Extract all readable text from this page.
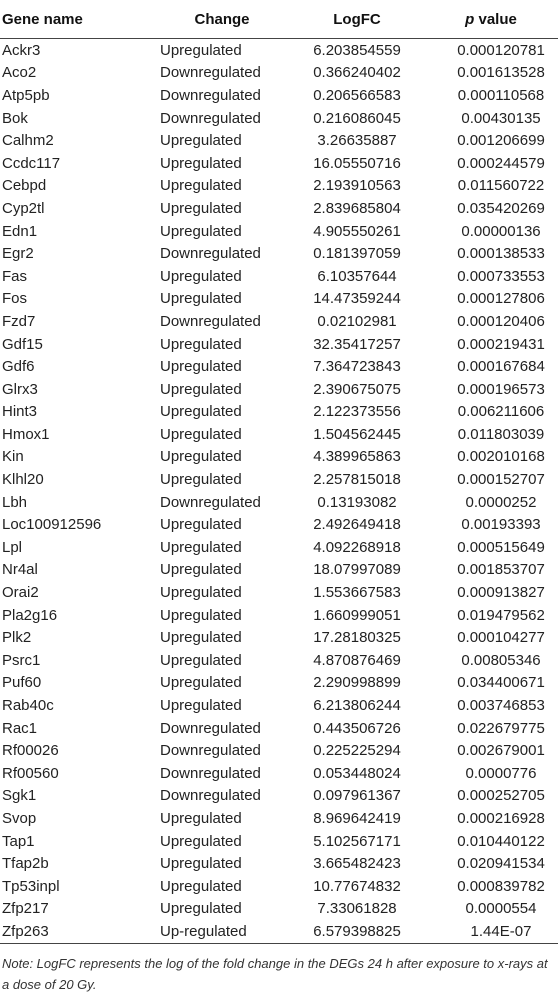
Gene name	Change	LogFC	p value
Ackr3	Upregulated	6.203854559	0.000120781
Aco2	Downregulated	0.366240402	0.001613528
Atp5pb	Downregulated	0.206566583	0.000110568
Bok	Downregulated	0.216086045	0.00430135
Calhm2	Upregulated	3.26635887	0.001206699
Ccdc117	Upregulated	16.05550716	0.000244579
Cebpd	Upregulated	2.193910563	0.011560722
Cyp2tl	Upregulated	2.839685804	0.035420269
Edn1	Upregulated	4.905550261	0.00000136
Egr2	Downregulated	0.181397059	0.000138533
Fas	Upregulated	6.10357644	0.000733553
Fos	Upregulated	14.47359244	0.000127806
Fzd7	Downregulated	0.02102981	0.000120406
Gdf15	Upregulated	32.35417257	0.000219431
Gdf6	Upregulated	7.364723843	0.000167684
Glrx3	Upregulated	2.390675075	0.000196573
Hint3	Upregulated	2.122373556	0.006211606
Hmox1	Upregulated	1.504562445	0.011803039
Kin	Upregulated	4.389965863	0.002010168
Klhl20	Upregulated	2.257815018	0.000152707
Lbh	Downregulated	0.13193082	0.0000252
Loc100912596	Upregulated	2.492649418	0.00193393
Lpl	Upregulated	4.092268918	0.000515649
Nr4al	Upregulated	18.07997089	0.001853707
Orai2	Upregulated	1.553667583	0.000913827
Pla2g16	Upregulated	1.660999051	0.019479562
Plk2	Upregulated	17.28180325	0.000104277
Psrc1	Upregulated	4.870876469	0.00805346
Puf60	Upregulated	2.290998899	0.034400671
Rab40c	Upregulated	6.213806244	0.003746853
Rac1	Downregulated	0.443506726	0.022679775
Rf00026	Downregulated	0.225225294	0.002679001
Rf00560	Downregulated	0.053448024	0.0000776
Sgk1	Downregulated	0.097961367	0.000252705
Svop	Upregulated	8.969642419	0.000216928
Tap1	Upregulated	5.102567171	0.010440122
Tfap2b	Upregulated	3.665482423	0.020941534
Tp53inpl	Upregulated	10.77674832	0.000839782
Zfp217	Upregulated	7.33061828	0.0000554
Zfp263	Up-regulated	6.579398825	1.44E-07
Note: LogFC represents the log of the fold change in the DEGs 24 h after exposure to x-rays at a dose of 20 Gy.
